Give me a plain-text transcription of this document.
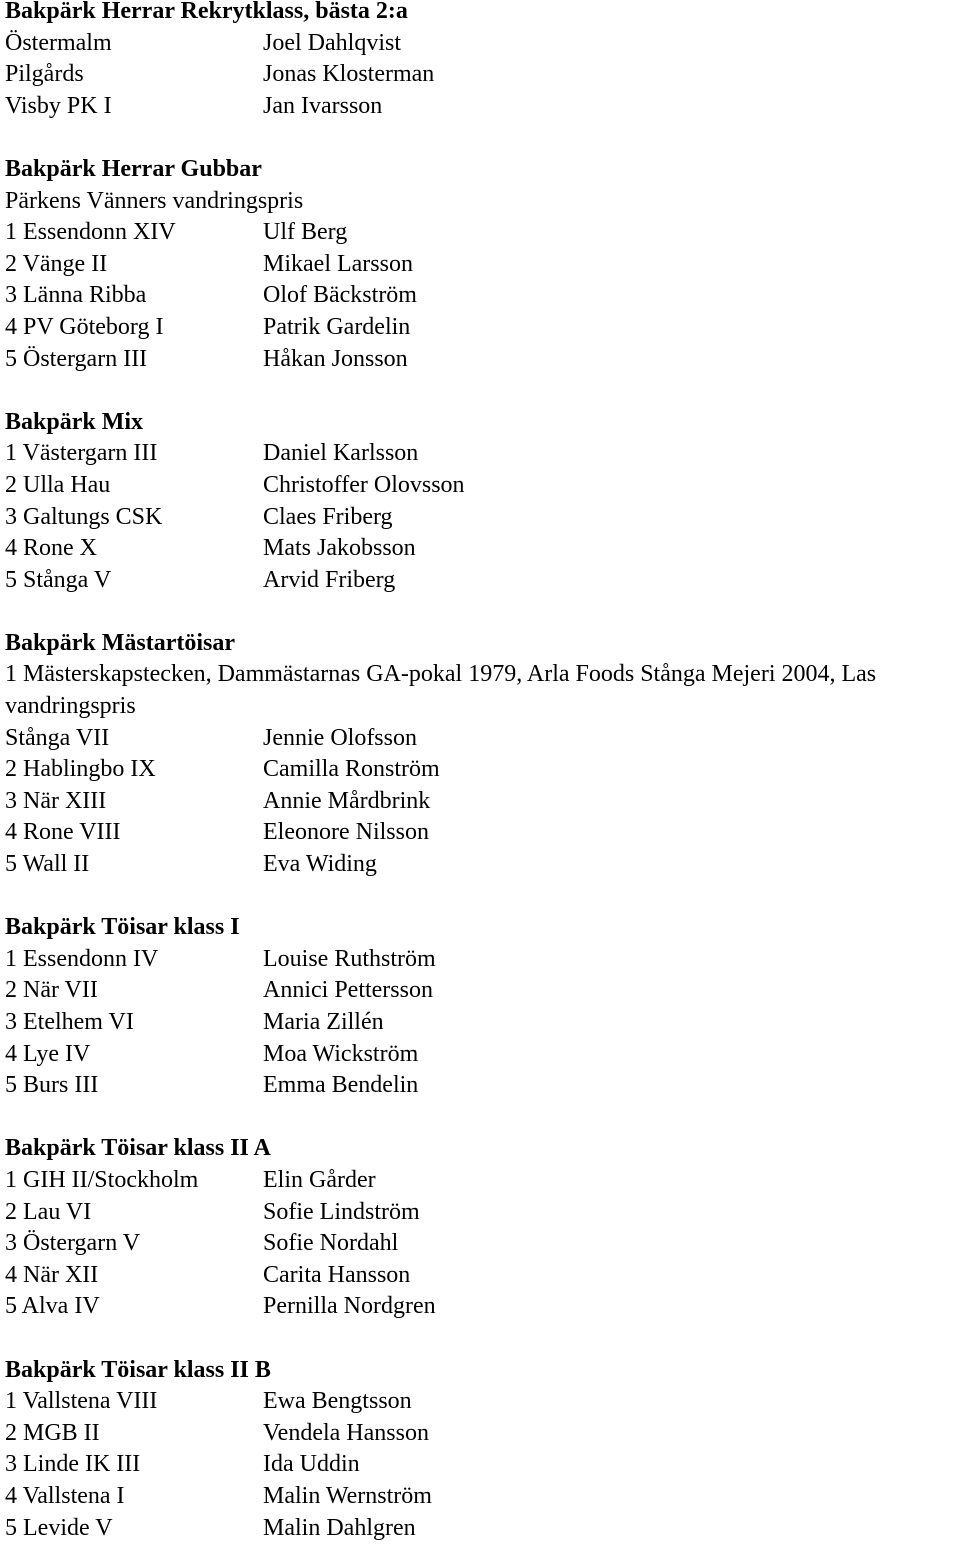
Bakpärk Herrar Rekrytklass, bästa 2:a
Östermalm	Joel Dahlqvist
Pilgårds	Jonas Klosterman
Visby PK I	Jan Ivarsson
Bakpärk Herrar Gubbar
Pärkens Vänners vandringspris
1 Essendonn XIV	Ulf Berg
2 Vänge II	Mikael Larsson
3 Länna Ribba	Olof Bäckström
4 PV Göteborg I	Patrik Gardelin
5 Östergarn III	Håkan Jonsson
Bakpärk Mix
1 Västergarn III	Daniel Karlsson
2 Ulla Hau	Christoffer Olovsson
3 Galtungs CSK	Claes Friberg
4 Rone X	Mats Jakobsson
5 Stånga V	Arvid Friberg
Bakpärk Mästartöisar
1 Mästerskapstecken, Dammästarnas GA-pokal 1979, Arla Foods Stånga Mejeri 2004, Las vandringspris
Stånga VII	Jennie Olofsson
2 Hablingbo IX	Camilla Ronström
3 När XIII	Annie Mårdbrink
4 Rone VIII	Eleonore Nilsson
5 Wall II	Eva Widing
Bakpärk Töisar klass I
1 Essendonn IV	Louise Ruthström
2 När VII	Annici Pettersson
3 Etelhem VI	Maria Zillén
4 Lye IV	Moa Wickström
5 Burs III	Emma Bendelin
Bakpärk Töisar klass II A
1 GIH II/Stockholm	Elin Gårder
2 Lau VI	Sofie Lindström
3 Östergarn V	Sofie Nordahl
4 När XII	Carita Hansson
5 Alva IV	Pernilla Nordgren
Bakpärk Töisar klass II B
1 Vallstena VIII	Ewa Bengtsson
2 MGB II	Vendela Hansson
3 Linde IK III	Ida Uddin
4 Vallstena I	Malin Wernström
5 Levide V	Malin Dahlgren
